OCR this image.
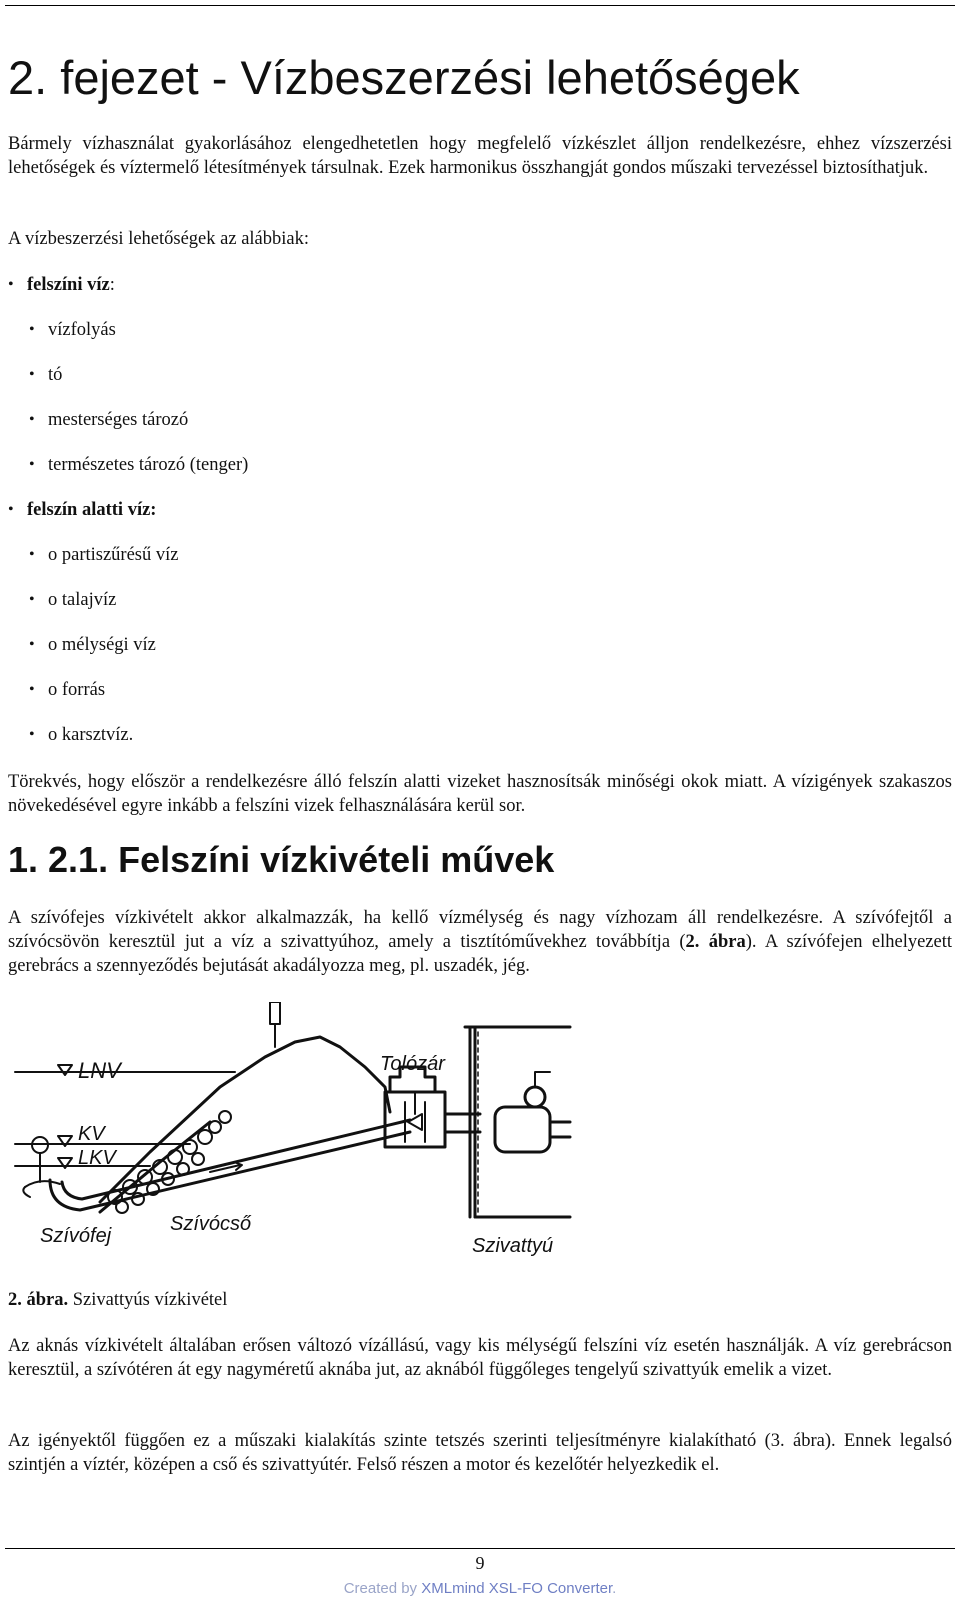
2. fejezet - Vízbeszerzési lehetőségek

Bármely vízhasználat gyakorlásához elengedhetetlen hogy megfelelő vízkészlet álljon rendelkezésre, ehhez vízszerzési lehetőségek és víztermelő létesítmények társulnak. Ezek harmonikus összhangját gondos műszaki tervezéssel biztosíthatjuk.

A vízbeszerzési lehetőségek az alábbiak:
• felszíni víz:
• vízfolyás
• tó
• mesterséges tározó
• természetes tározó (tenger)
• felszín alatti víz:
• o partiszűrésű víz
• o talajvíz
• o mélységi víz
• o forrás
• o karsztvíz.

Törekvés, hogy először a rendelkezésre álló felszín alatti vizeket hasznosítsák minőségi okok miatt. A vízigények szakaszos növekedésével egyre inkább a felszíni vizek felhasználására kerül sor.

1. 2.1. Felszíni vízkivételi művek

A szívófejes vízkivételt akkor alkalmazzák, ha kellő vízmélység és nagy vízhozam áll rendelkezésre. A szívófejtől a szívócsövön keresztül jut a víz a szivattyúhoz, amely a tisztítóművekhez továbbítja (2. ábra). A szívófejen elhelyezett gerebrács a szennyeződés bejutását akadályozza meg, pl. uszadék, jég.

LNV
KV
LKV
Tolózár
Szívócső
Szívófej	Szivattyú
2. ábra. Szivattyús vízkivétel

Az aknás vízkivételt általában erősen változó vízállású, vagy kis mélységű felszíni víz esetén használják. A víz gerebrácson keresztül, a szívótéren át egy nagyméretű aknába jut, az aknából függőleges tengelyű szivattyúk emelik a vizet.

Az igényektől függően ez a műszaki kialakítás szinte tetszés szerinti teljesítményre kialakítható (3. ábra). Ennek legalsó szintjén a víztér, középen a cső és szivattyútér. Felső részen a motor és kezelőtér helyezkedik el.

9
Created by XMLmind XSL-FO Converter.
